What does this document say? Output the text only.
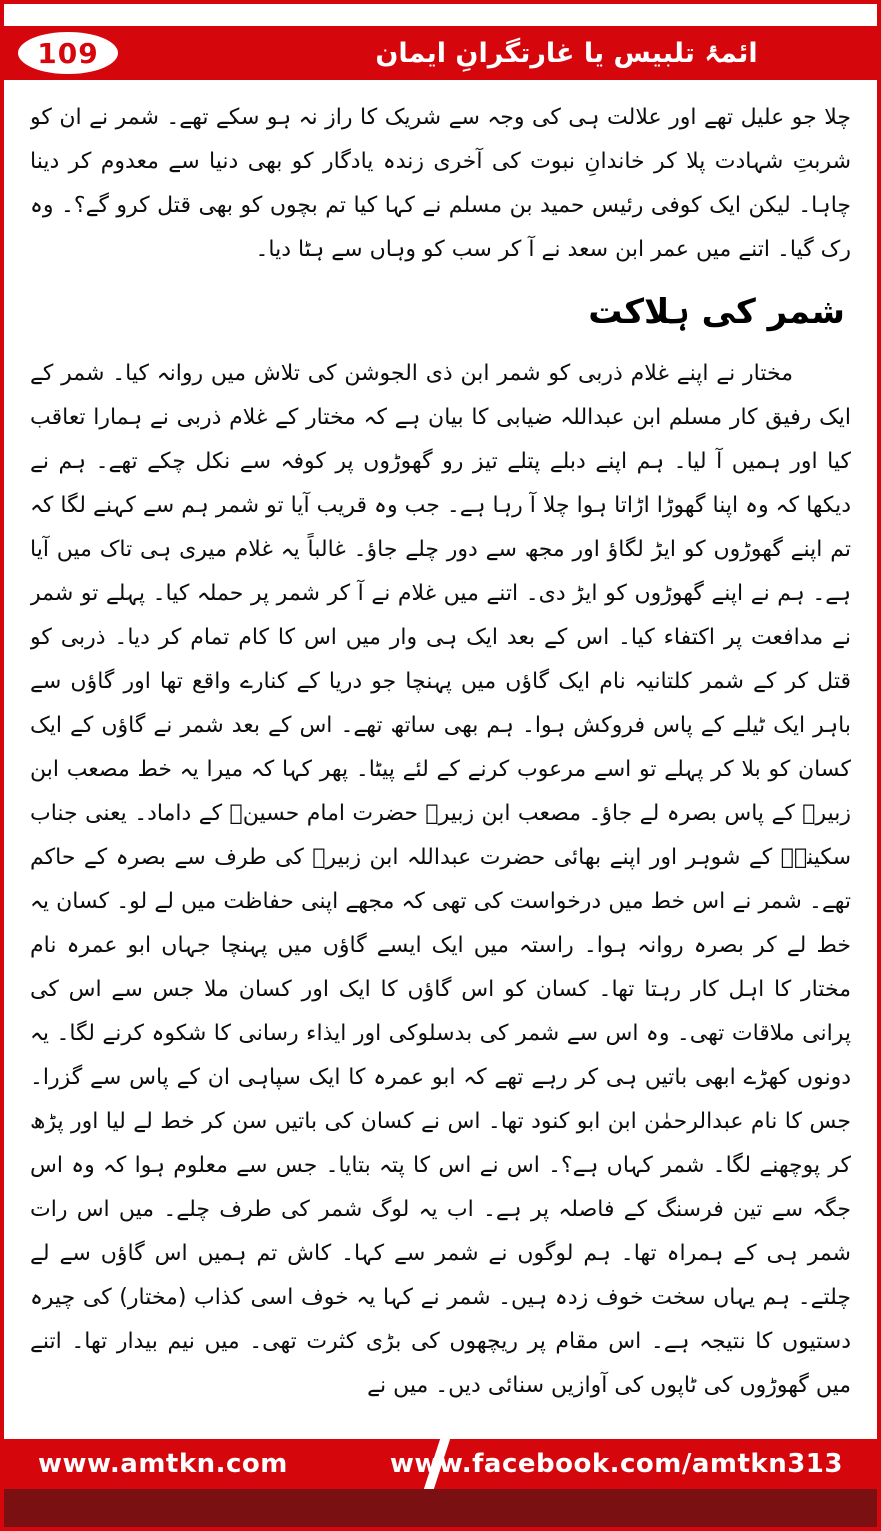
109	ائمۂ تلبیس یا غارتگرانِ ایمان

چلا جو علیل تھے اور علالت ہی کی وجہ سے شریک کا راز نہ ہو سکے تھے۔ شمر نے ان کو شربتِ شہادت پلا کر خاندانِ نبوت کی آخری زندہ یادگار کو بھی دنیا سے معدوم کر دینا چاہا۔ لیکن ایک کوفی رئیس حمید بن مسلم نے کہا کیا تم بچوں کو بھی قتل کرو گے؟۔ وہ رک گیا۔ اتنے میں عمر ابن سعد نے آ کر سب کو وہاں سے ہٹا دیا۔

شمر کی ہلاکت

مختار نے اپنے غلام ذربی کو شمر ابن ذی الجوشن کی تلاش میں روانہ کیا۔ شمر کے ایک رفیق کار مسلم ابن عبداللہ ضیابی کا بیان ہے کہ مختار کے غلام ذربی نے ہمارا تعاقب کیا اور ہمیں آ لیا۔ ہم اپنے دبلے پتلے تیز رو گھوڑوں پر کوفہ سے نکل چکے تھے۔ ہم نے دیکھا کہ وہ اپنا گھوڑا اڑاتا ہوا چلا آ رہا ہے۔ جب وہ قریب آیا تو شمر ہم سے کہنے لگا کہ تم اپنے گھوڑوں کو ایڑ لگاؤ اور مجھ سے دور چلے جاؤ۔ غالباً یہ غلام میری ہی تاک میں آیا ہے۔ ہم نے اپنے گھوڑوں کو ایڑ دی۔ اتنے میں غلام نے آ کر شمر پر حملہ کیا۔ پہلے تو شمر نے مدافعت پر اکتفاء کیا۔ اس کے بعد ایک ہی وار میں اس کا کام تمام کر دیا۔ ذربی کو قتل کر کے شمر کلتانیہ نام ایک گاؤں میں پہنچا جو دریا کے کنارے واقع تھا اور گاؤں سے باہر ایک ٹیلے کے پاس فروکش ہوا۔ ہم بھی ساتھ تھے۔ اس کے بعد شمر نے گاؤں کے ایک کسان کو بلا کر پہلے تو اسے مرعوب کرنے کے لئے پیٹا۔ پھر کہا کہ میرا یہ خط مصعب ابن زبیرؓ کے پاس بصرہ لے جاؤ۔ مصعب ابن زبیرؓ حضرت امام حسینؓ کے داماد۔ یعنی جناب سکینہؓ کے شوہر اور اپنے بھائی حضرت عبداللہ ابن زبیرؓ کی طرف سے بصرہ کے حاکم تھے۔ شمر نے اس خط میں درخواست کی تھی کہ مجھے اپنی حفاظت میں لے لو۔ کسان یہ خط لے کر بصرہ روانہ ہوا۔ راستہ میں ایک ایسے گاؤں میں پہنچا جہاں ابو عمرہ نام مختار کا اہل کار رہتا تھا۔ کسان کو اس گاؤں کا ایک اور کسان ملا جس سے اس کی پرانی ملاقات تھی۔ وہ اس سے شمر کی بدسلوکی اور ایذاء رسانی کا شکوہ کرنے لگا۔ یہ دونوں کھڑے ابھی باتیں ہی کر رہے تھے کہ ابو عمرہ کا ایک سپاہی ان کے پاس سے گزرا۔ جس کا نام عبدالرحمٰن ابن ابو کنود تھا۔ اس نے کسان کی باتیں سن کر خط لے لیا اور پڑھ کر پوچھنے لگا۔ شمر کہاں ہے؟۔ اس نے اس کا پتہ بتایا۔ جس سے معلوم ہوا کہ وہ اس جگہ سے تین فرسنگ کے فاصلہ پر ہے۔ اب یہ لوگ شمر کی طرف چلے۔ میں اس رات شمر ہی کے ہمراہ تھا۔ ہم لوگوں نے شمر سے کہا۔ کاش تم ہمیں اس گاؤں سے لے چلتے۔ ہم یہاں سخت خوف زدہ ہیں۔ شمر نے کہا یہ خوف اسی کذاب (مختار) کی چیرہ دستیوں کا نتیجہ ہے۔ اس مقام پر ریچھوں کی بڑی کثرت تھی۔ میں نیم بیدار تھا۔ اتنے میں گھوڑوں کی ٹاپوں کی آوازیں سنائی دیں۔ میں نے

www.amtkn.com	www.facebook.com/amtkn313
